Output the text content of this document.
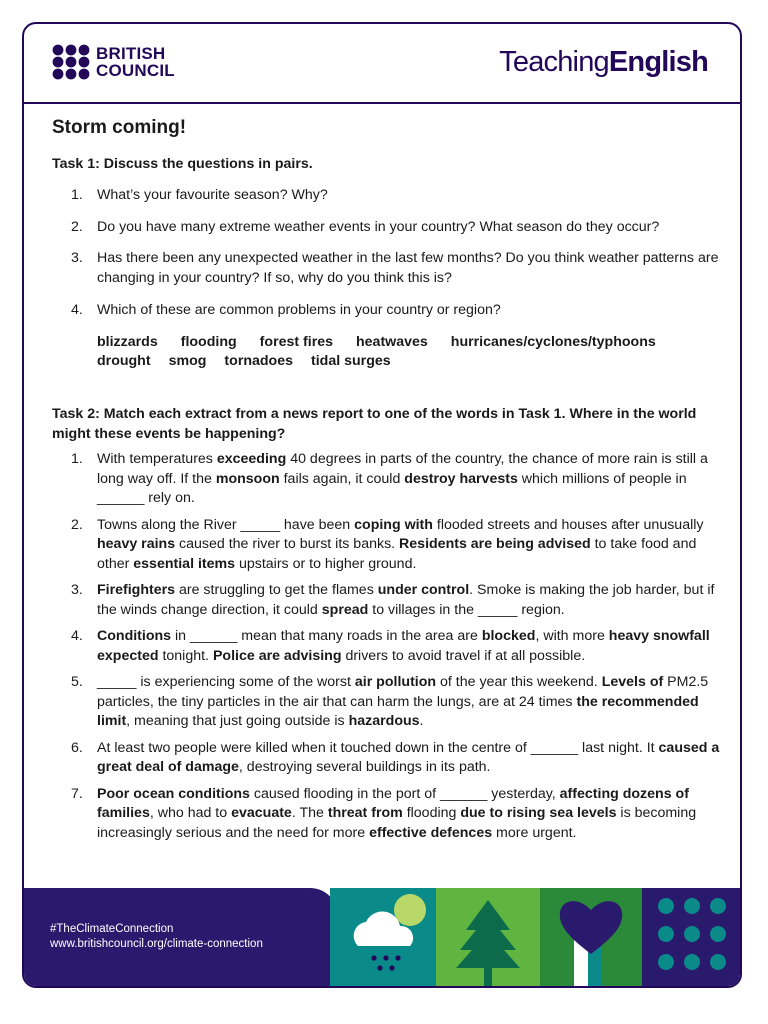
BRITISH
COUNCIL	TeachingEnglish
Storm coming!
Task 1: Discuss the questions in pairs.
1. What’s your favourite season? Why?
2. Do you have many extreme weather events in your country? What season do they occur?
3. Has there been any unexpected weather in the last few months? Do you think weather patterns are changing in your country? If so, why do you think this is?
4. Which of these are common problems in your country or region?
blizzards flooding forest fires heatwaves hurricanes/cyclones/typhoons
drought smog tornadoes tidal surges
Task 2: Match each extract from a news report to one of the words in Task 1. Where in the world might these events be happening?
1. With temperatures exceeding 40 degrees in parts of the country, the chance of more rain is still a long way off. If the monsoon fails again, it could destroy harvests which millions of people in ______ rely on.
2. Towns along the River _____ have been coping with flooded streets and houses after unusually heavy rains caused the river to burst its banks. Residents are being advised to take food and other essential items upstairs or to higher ground.
3. Firefighters are struggling to get the flames under control. Smoke is making the job harder, but if the winds change direction, it could spread to villages in the _____ region.
4. Conditions in ______ mean that many roads in the area are blocked, with more heavy snowfall expected tonight. Police are advising drivers to avoid travel if at all possible.
5. _____ is experiencing some of the worst air pollution of the year this weekend. Levels of PM2.5 particles, the tiny particles in the air that can harm the lungs, are at 24 times the recommended limit, meaning that just going outside is hazardous.
6. At least two people were killed when it touched down in the centre of ______ last night. It caused a great deal of damage, destroying several buildings in its path.
7. Poor ocean conditions caused flooding in the port of ______ yesterday, affecting dozens of families, who had to evacuate. The threat from flooding due to rising sea levels is becoming increasingly serious and the need for more effective defences more urgent.
#TheClimateConnection
www.britishcouncil.org/climate-connection
